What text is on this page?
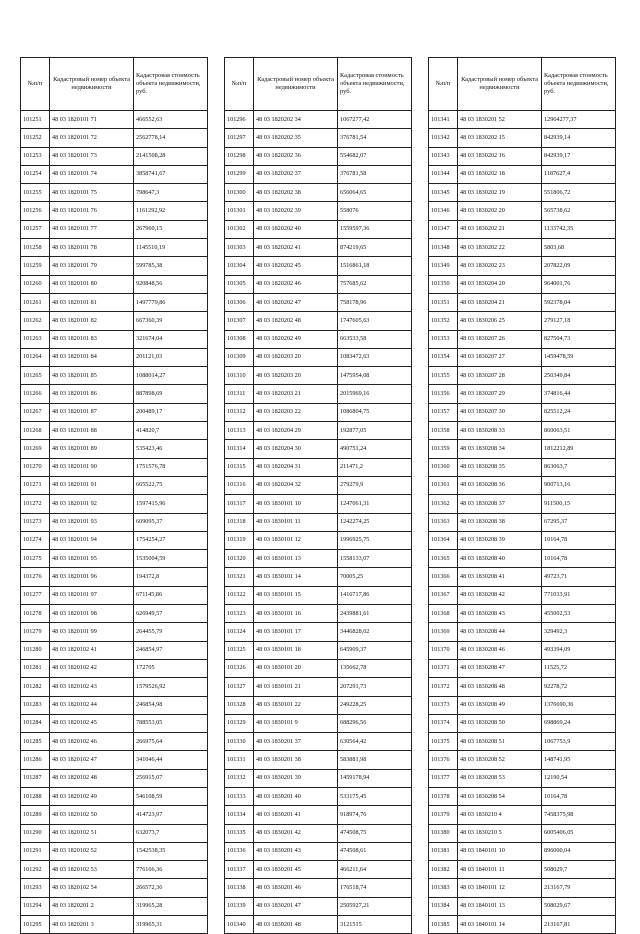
№п/п	Кадастровый номер объекта недвижимости	Кадастровая стоимость объекта недвижимости, руб.
101251	48 03 1820101 71	466552,63
101252	48 03 1820101 72	2562778,14
101253	48 03 1820101 73	2141508,28
101254	48 03 1820101 74	3858741,67
101255	48 03 1820101 75	798647,3
101256	48 03 1820101 76	1161292,92
101257	48 03 1820101 77	267960,15
101258	48 03 1820101 78	1145510,19
101259	48 03 1820101 79	599785,38
101260	48 03 1820101 80	920848,56
101261	48 03 1820101 81	1497779,86
101262	48 03 1820101 82	667360,39
101263	48 03 1820101 83	321674,04
101264	48 03 1820101 84	201121,03
101265	48 03 1820101 85	1088014,27
101266	48 03 1820101 86	887898,69
101267	48 03 1820101 87	200489,17
101268	48 03 1820101 88	414820,7
101269	48 03 1820101 89	535423,46
101270	48 03 1820101 90	1751576,78
101271	48 03 1820101 91	665522,75
101272	48 03 1820101 92	1597415,96
101273	48 03 1820101 93	609095,37
101274	48 03 1820101 94	1754254,27
101275	48 03 1820101 95	1535004,59
101276	48 03 1820101 96	194372,8
101277	48 03 1820101 97	671145,86
101278	48 03 1820101 98	626949,57
101279	48 03 1820101 99	264455,79
101280	48 03 1820102 41	246854,97
101281	48 03 1820102 42	172705
101282	48 03 1820102 43	1579526,92
101283	48 03 1820102 44	246854,98
101284	48 03 1820102 45	788553,05
101285	48 03 1820102 46	266975,64
101286	48 03 1820102 47	341046,44
101287	48 03 1820102 48	256915,07
101288	48 03 1820102 49	546108,59
101289	48 03 1820102 50	414723,97
101290	48 03 1820102 51	632073,7
101291	48 03 1820102 52	1542538,35
101292	48 03 1820102 53	776166,36
101293	48 03 1820102 54	266572,36
101294	48 03 1820201 2	319965,28
101295	48 03 1820201 3	319965,31
№п/п	Кадастровый номер объекта недвижимости	Кадастровая стоимость объекта недвижимости, руб.
101296	48 03 1820202 34	1067277,42
101297	48 03 1820202 35	376781,54
101298	48 03 1820202 36	554682,07
101299	48 03 1820202 37	376781,58
101300	48 03 1820202 38	656064,65
101301	48 03 1820202 39	558076
101302	48 03 1820202 40	1559597,36
101303	48 03 1820202 41	874219,65
101304	48 03 1820202 45	1516861,18
101305	48 03 1820202 46	757685,62
101306	48 03 1820202 47	758178,96
101307	48 03 1820202 48	1747605,63
101308	48 03 1820202 49	663533,58
101309	48 03 1820203 20	1083472,63
101310	48 03 1820203 20	1475954,08
101311	48 03 1820203 21	2015969,16
101312	48 03 1820203 22	1086804,75
101313	48 03 1820204 29	192877,05
101314	48 03 1820204 30	490751,24
101315	48 03 1820204 31	211471,2
101316	48 03 1820204 32	279279,9
101317	48 03 1830101 10	1247061,31
101318	48 03 1830101 11	1242274,25
101319	48 03 1830101 12	1996925,75
101320	48 03 1830101 13	1558133,07
101321	48 03 1830101 14	70005,25
101322	48 03 1830101 15	1416717,86
101323	48 03 1830101 16	2439881,61
101324	48 03 1830101 17	3446828,02
101325	48 03 1830101 18	645909,37
101326	48 03 1830101 20	135662,78
101327	48 03 1830101 21	207291,73
101328	48 03 1830101 22	249228,25
101329	48 03 1830101 9	688296,56
101330	48 03 1830201 37	630564,42
101331	48 03 1830201 38	583881,98
101332	48 03 1830201 39	1459178,94
101333	48 03 1830201 40	533175,45
101334	48 03 1830201 41	918974,76
101335	48 03 1830201 42	474508,75
101336	48 03 1830201 43	474508,61
101337	48 03 1830201 45	466211,64
101338	48 03 1830201 46	176518,74
101339	48 03 1830201 47	2505927,21
101340	48 03 1830201 48	3121515
№п/п	Кадастровый номер объекта недвижимости	Кадастровая стоимость объекта недвижимости, руб.
101341	48 03 1830201 52	12964277,37
101342	48 03 1830202 15	842939,14
101343	48 03 1830202 16	842939,17
101344	48 03 1830202 18	1187627,4
101345	48 03 1830202 19	551806,72
101346	48 03 1830202 20	565738,62
101347	48 03 1830202 21	1133742,35
101348	48 03 1830202 22	5803,68
101349	48 03 1830202 23	207822,09
101350	48 03 1830204 20	964001,76
101351	48 03 1830204 21	592378,04
101352	48 03 1830206 25	279127,18
101353	48 03 1830207 26	827504,73
101354	48 03 1830207 27	1459478,59
101355	48 03 1830207 28	250349,84
101356	48 03 1830207 29	374816,44
101357	48 03 1830207 30	825512,24
101358	48 03 1830208 33	860063,51
101359	48 03 1830208 34	1812212,89
101360	48 03 1830208 35	863063,7
101361	48 03 1830208 36	900713,16
101362	48 03 1830208 37	911500,15
101363	48 03 1830208 38	67295,37
101364	48 03 1830208 39	10164,78
101365	48 03 1830208 40	10164,78
101366	48 03 1830208 41	49723,71
101367	48 03 1830208 42	771033,91
101368	48 03 1830208 43	455002,53
101369	48 03 1830208 44	329492,3
101370	48 03 1830208 46	493394,09
101371	48 03 1830208 47	11525,72
101372	48 03 1830208 48	92278,72
101373	48 03 1830208 49	1376690,36
101374	48 03 1830208 50	698869,24
101375	48 03 1830208 51	1067753,9
101376	48 03 1830208 52	148741,95
101377	48 03 1830208 53	12190,54
101378	48 03 1830208 54	10164,78
101379	48 03 1830210 4	7458375,98
101380	48 03 1830210 5	6005406,05
101381	48 03 1840101 10	896000,04
101382	48 03 1840101 11	508029,7
101383	48 03 1840101 12	213167,79
101384	48 03 1840101 13	508029,67
101385	48 03 1840101 14	213167,81
